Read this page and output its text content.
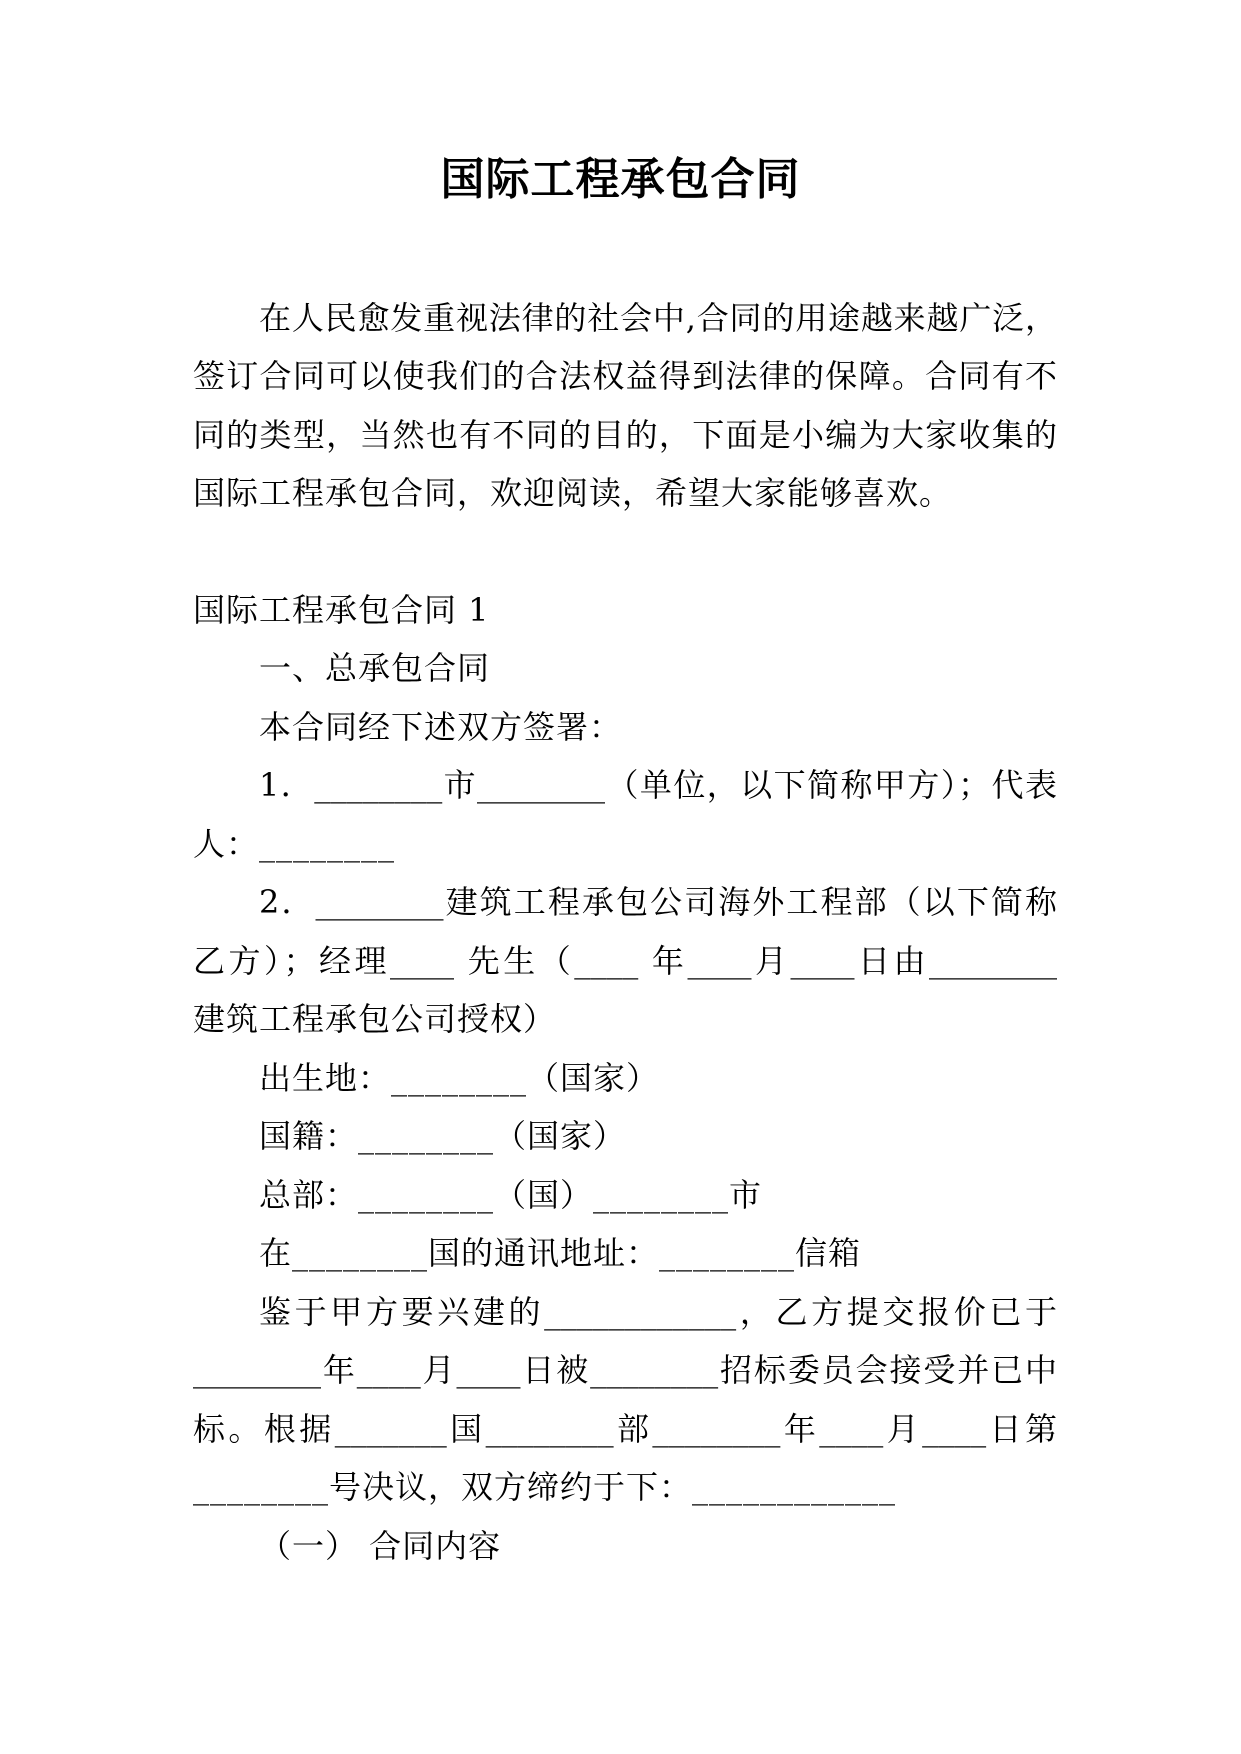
国际工程承包合同
在人民愈发重视法律的社会中,合同的用途越来越广泛，
签订合同可以使我们的合法权益得到法律的保障。合同有不
同的类型，当然也有不同的目的，下面是小编为大家收集的
国际工程承包合同，欢迎阅读，希望大家能够喜欢。
国际工程承包合同 1
一、总承包合同
本合同经下述双方签署：
1．________市________（单位，以下简称甲方）；代表
人：________
2．________建筑工程承包公司海外工程部（以下简称
乙方）；经理____ 先生（____ 年____月____日由________
建筑工程承包公司授权）
出生地：________（国家）
国籍：________（国家）
总部：________（国）________市
在________国的通讯地址：________信箱
鉴于甲方要兴建的____________，乙方提交报价已于
________年____月____日被________招标委员会接受并已中
标。根据_______国________部________年____月____日第
________号决议，双方缔约于下：____________
（一） 合同内容
